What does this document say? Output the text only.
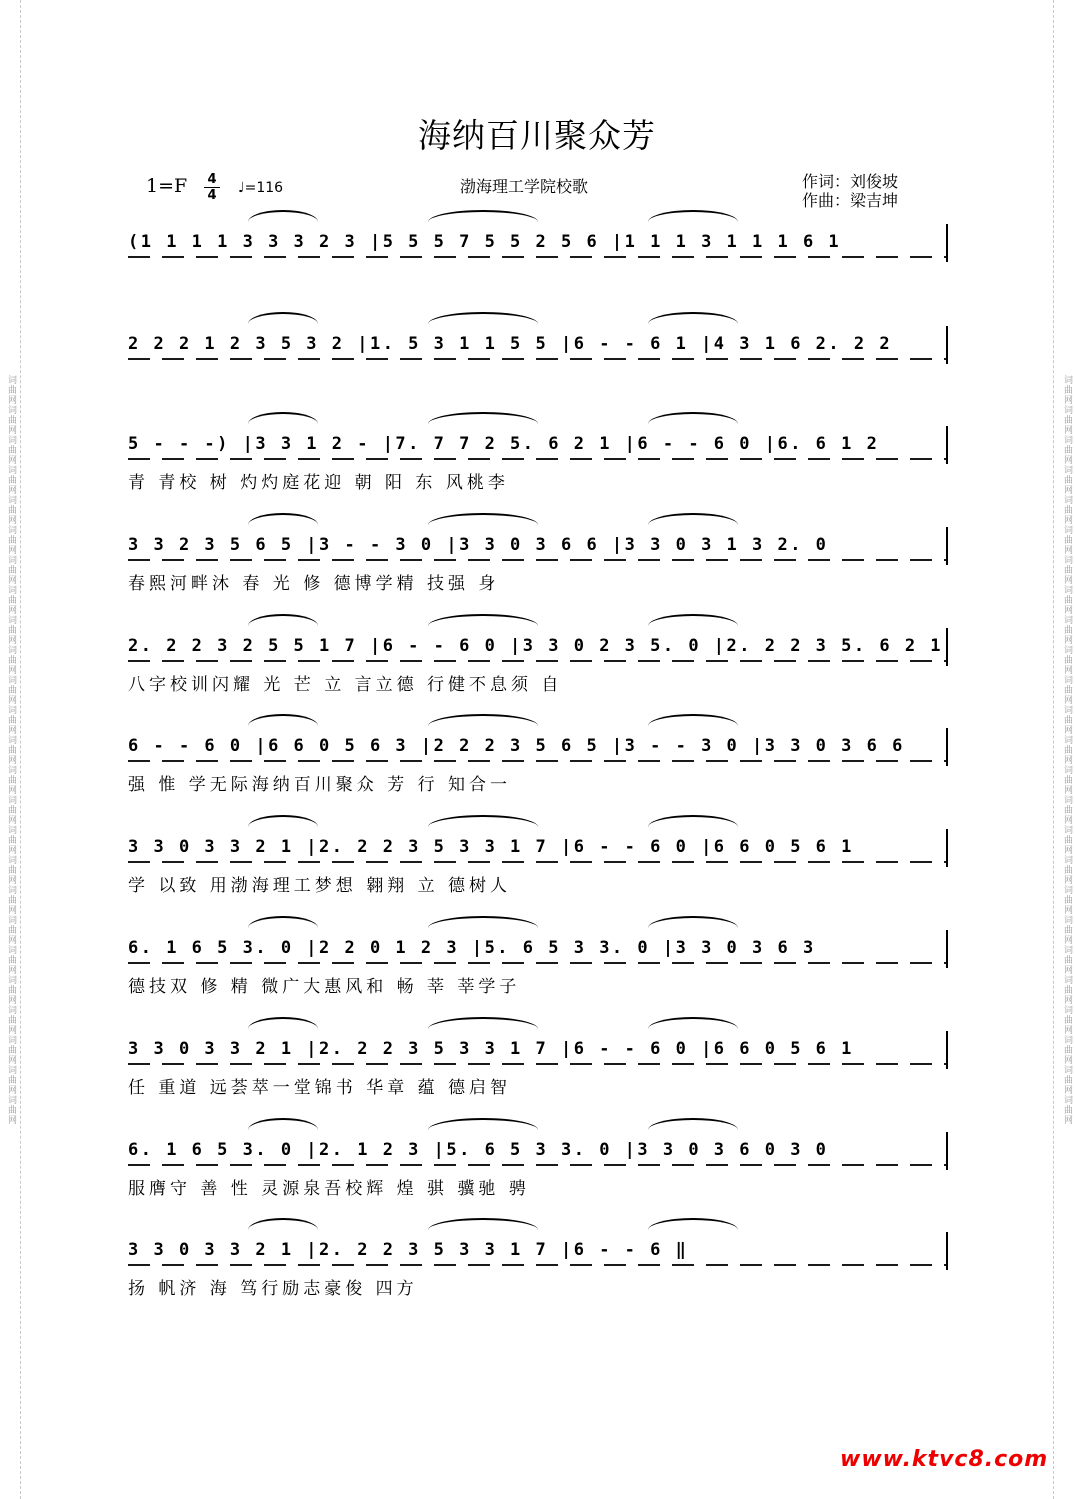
词曲网词曲网词曲网词曲网词曲网词曲网词曲网词曲网词曲网词曲网词曲网词曲网词曲网词曲网词曲网词曲网词曲网词曲网词曲网词曲网词曲网词曲网词曲网词曲网词曲网	词曲网词曲网词曲网词曲网词曲网词曲网词曲网词曲网词曲网词曲网词曲网词曲网词曲网词曲网词曲网词曲网词曲网词曲网词曲网词曲网词曲网词曲网词曲网词曲网词曲网
海纳百川聚众芳
1=F 4
4 ♩=116	渤海理工学院校歌	作词：刘俊坡
作曲：梁吉坤
(1 1 1 1 3 3 3 2 3 |5 5 5 7 5 5 2 5 6 |1 1 1 3 1 1 1 6 1
2 2 2 1 2 3 5 3 2 |1. 5 3 1 1 5 5 |6 - - 6 1 |4 3 1 6 2. 2 2
5 - - -) |3 3 1 2 - |7. 7 7 2 5. 6 2 1 |6 - - 6 0 |6. 6 1 2
青 青校 树 灼灼庭花迎 朝 阳 东 风桃李
3 3 2 3 5 6 5 |3 - - 3 0 |3 3 0 3 6 6 |3 3 0 3 1 3 2. 0
春熙河畔沐 春 光 修 德博学精 技强 身
2. 2 2 3 2 5 5 1 7 |6 - - 6 0 |3 3 0 2 3 5. 0 |2. 2 2 3 5. 6 2 1
八字校训闪耀 光 芒 立 言立德 行健不息须 自
6 - - 6 0 |6 6 0 5 6 3 |2 2 2 3 5 6 5 |3 - - 3 0 |3 3 0 3 6 6
强 惟 学无际海纳百川聚众 芳 行 知合一
3 3 0 3 3 2 1 |2. 2 2 3 5 3 3 1 7 |6 - - 6 0 |6 6 0 5 6 1
学 以致 用渤海理工梦想 翱翔 立 德树人
6. 1 6 5 3. 0 |2 2 0 1 2 3 |5. 6 5 3 3. 0 |3 3 0 3 6 3
德技双 修 精 微广大惠风和 畅 莘 莘学子
3 3 0 3 3 2 1 |2. 2 2 3 5 3 3 1 7 |6 - - 6 0 |6 6 0 5 6 1
任 重道 远荟萃一堂锦书 华章 蕴 德启智
6. 1 6 5 3. 0 |2. 1 2 3 |5. 6 5 3 3. 0 |3 3 0 3 6 0 3 0
服膺守 善 性 灵源泉吾校辉 煌 骐 骥驰 骋
3 3 0 3 3 2 1 |2. 2 2 3 5 3 3 1 7 |6 - - 6 ‖
扬 帆济 海 笃行励志豪俊 四方
www.ktvc8.com
